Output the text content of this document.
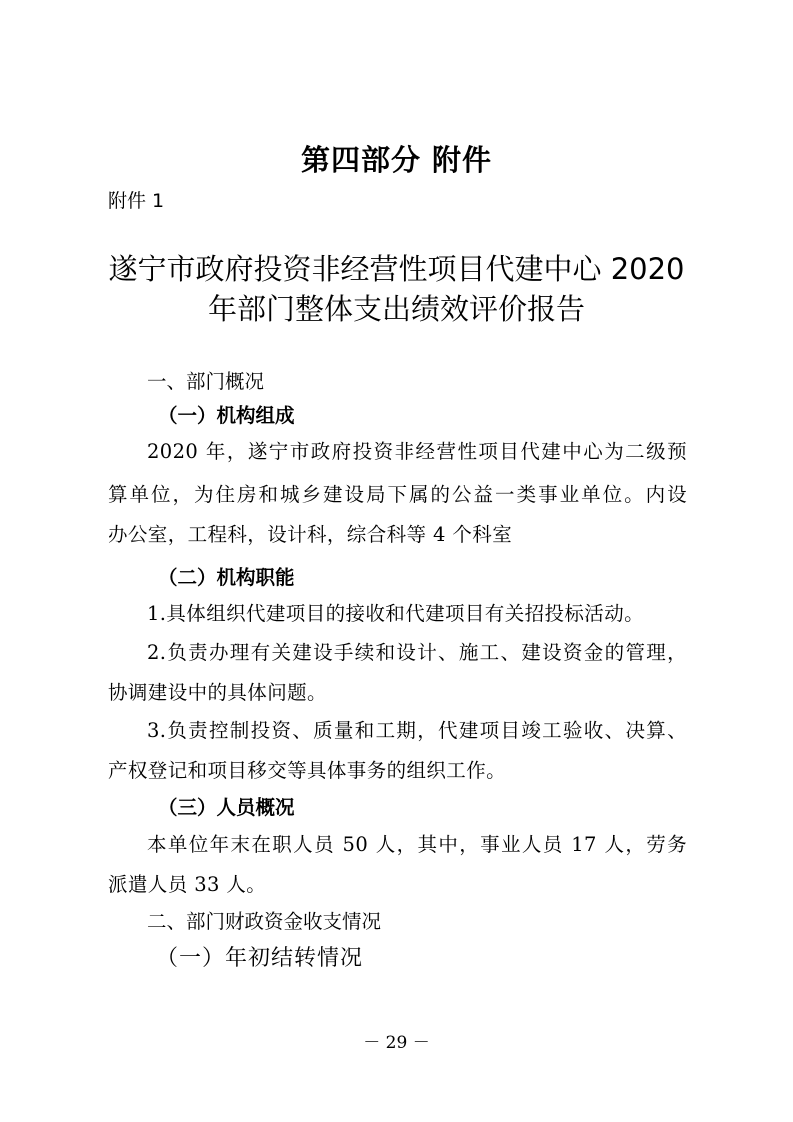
第四部分 附件
附件 1
遂宁市政府投资非经营性项目代建中心 2020
年部门整体支出绩效评价报告
一、部门概况
（一）机构组成
2020 年，遂宁市政府投资非经营性项目代建中心为二级预
算单位，为住房和城乡建设局下属的公益一类事业单位。内设
办公室，工程科，设计科，综合科等 4 个科室
（二）机构职能
1.具体组织代建项目的接收和代建项目有关招投标活动。
2.负责办理有关建设手续和设计、施工、建设资金的管理，
协调建设中的具体问题。
3.负责控制投资、质量和工期，代建项目竣工验收、决算、
产权登记和项目移交等具体事务的组织工作。
（三）人员概况
本单位年末在职人员 50 人，其中，事业人员 17 人，劳务
派遣人员 33 人。
二、部门财政资金收支情况
（一）年初结转情况
－ 29 －
